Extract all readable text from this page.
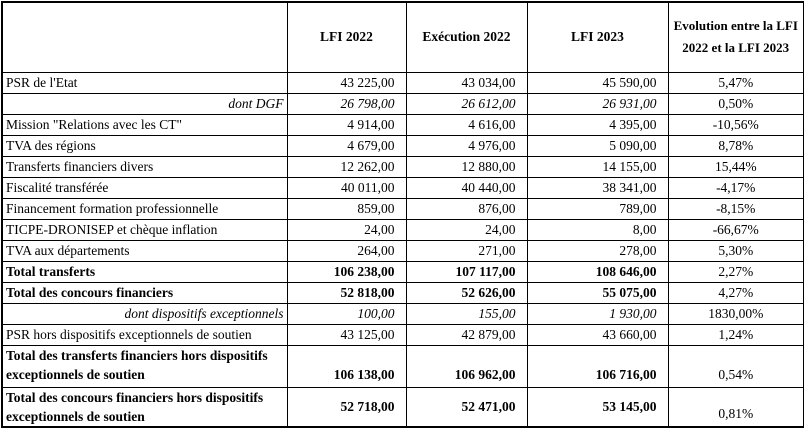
	LFI 2022	Exécution 2022	LFI 2023	Evolution entre la LFI 2022 et la LFI 2023
PSR de l'Etat	43 225,00	43 034,00	45 590,00	5,47%
dont DGF	26 798,00	26 612,00	26 931,00	0,50%
Mission "Relations avec les CT"	4 914,00	4 616,00	4 395,00	-10,56%
TVA des régions	4 679,00	4 976,00	5 090,00	8,78%
Transferts financiers divers	12 262,00	12 880,00	14 155,00	15,44%
Fiscalité transférée	40 011,00	40 440,00	38 341,00	-4,17%
Financement formation professionnelle	859,00	876,00	789,00	-8,15%
TICPE-DRONISEP et chèque inflation	24,00	24,00	8,00	-66,67%
TVA aux départements	264,00	271,00	278,00	5,30%
Total transferts	106 238,00	107 117,00	108 646,00	2,27%
Total des concours financiers	52 818,00	52 626,00	55 075,00	4,27%
dont dispositifs exceptionnels	100,00	155,00	1 930,00	1830,00%
PSR hors dispositifs exceptionnels de soutien	43 125,00	42 879,00	43 660,00	1,24%
Total des transferts financiers hors dispositifs exceptionnels de soutien	106 138,00	106 962,00	106 716,00	0,54%
Total des concours financiers hors dispositifs exceptionnels de soutien	52 718,00	52 471,00	53 145,00	0,81%
